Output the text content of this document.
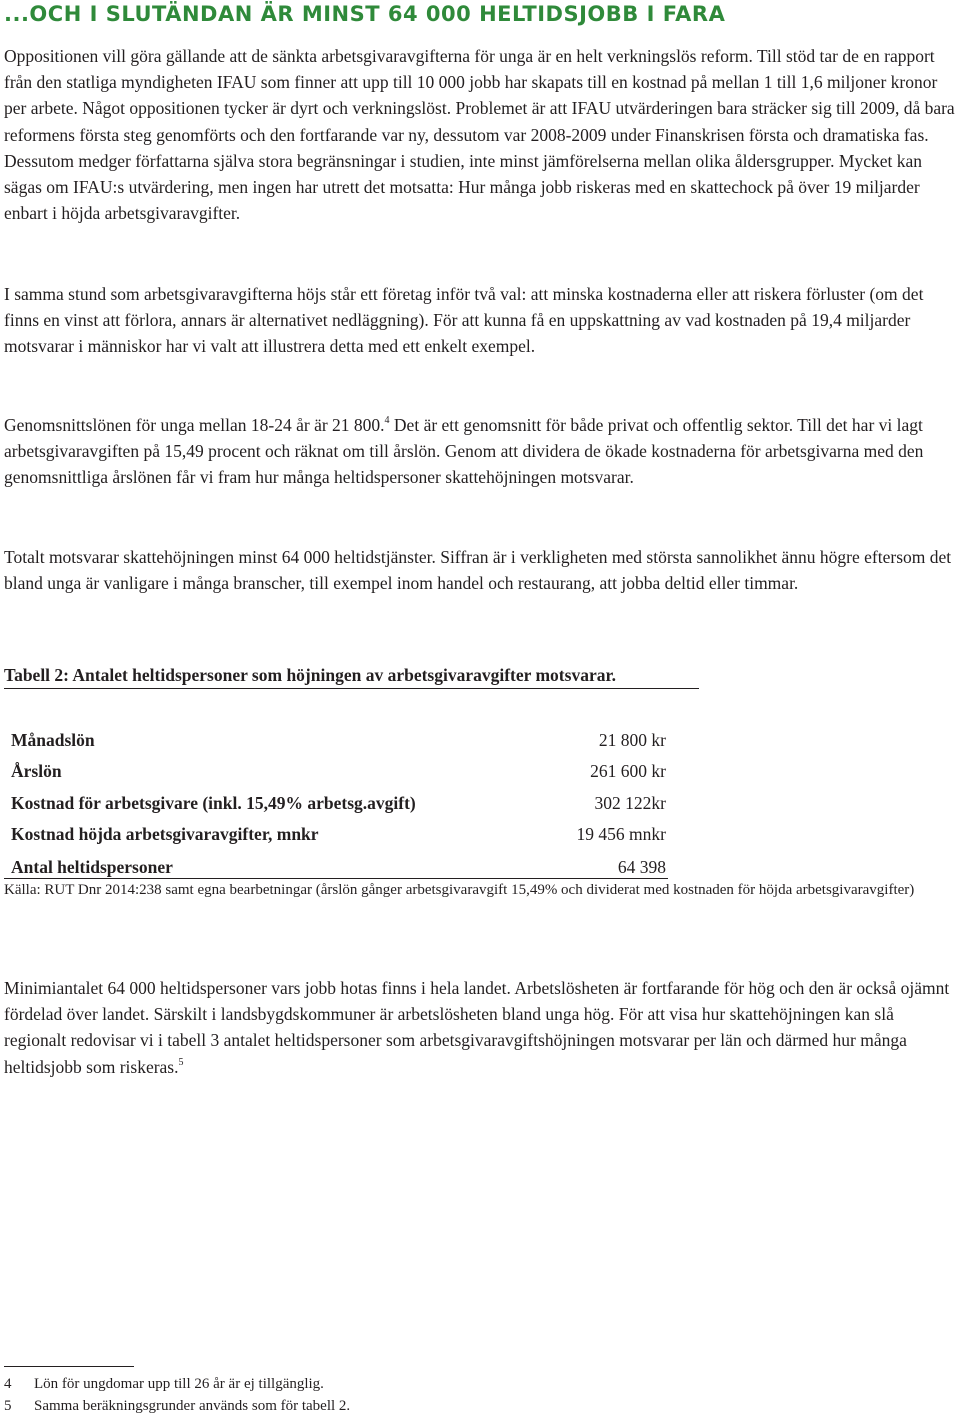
...OCH I SLUTÄNDAN ÄR MINST 64 000 HELTIDSJOBB I FARA

Oppositionen vill göra gällande att de sänkta arbetsgivaravgifterna för unga är en helt verkningslös reform. Till stöd tar de en rapport från den statliga myndigheten IFAU som finner att upp till 10 000 jobb har skapats till en kostnad på mellan 1 till 1,6 miljoner kronor per arbete. Något oppositionen tycker är dyrt och verkningslöst. Problemet är att IFAU utvärderingen bara sträcker sig till 2009, då bara reformens första steg genomförts och den fortfarande var ny, dessutom var 2008-2009 under Finanskrisen första och dramatiska fas. Dessutom medger författarna själva stora begränsningar i studien, inte minst jämförelserna mellan olika åldersgrupper. Mycket kan sägas om IFAU:s utvärdering, men ingen har utrett det motsatta: Hur många jobb riskeras med en skattechock på över 19 miljarder enbart i höjda arbetsgivaravgifter.

I samma stund som arbetsgivaravgifterna höjs står ett företag inför två val: att minska kostnaderna eller att riskera förluster (om det finns en vinst att förlora, annars är alternativet nedläggning). För att kunna få en uppskattning av vad kostnaden på 19,4 miljarder motsvarar i människor har vi valt att illustrera detta med ett enkelt exempel.

Genomsnittslönen för unga mellan 18-24 år är 21 800.$^4$ Det är ett genomsnitt för både privat och offentlig sektor. Till det har vi lagt arbetsgivaravgiften på 15,49 procent och räknat om till årslön. Genom att dividera de ökade kostnaderna för arbetsgivarna med den genomsnittliga årslönen får vi fram hur många heltidspersoner skattehöjningen motsvarar.

Totalt motsvarar skattehöjningen minst 64 000 heltidstjänster. Siffran är i verkligheten med största sannolikhet ännu högre eftersom det bland unga är vanligare i många branscher, till exempel inom handel och restaurang, att jobba deltid eller timmar.

Tabell 2: Antalet heltidspersoner som höjningen av arbetsgivaravgifter motsvarar.
Månadslön	21 800 kr
Årslön	261 600 kr
Kostnad för arbetsgivare (inkl. 15,49% arbetsg.avgift)	302 122kr
Kostnad höjda arbetsgivaravgifter, mnkr	19 456 mnkr
Antal heltidspersoner	64 398
Källa: RUT Dnr 2014:238 samt egna bearbetningar (årslön gånger arbetsgivaravgift 15,49% och dividerat med kostnaden för höjda arbetsgivaravgifter)

Minimiantalet 64 000 heltidspersoner vars jobb hotas finns i hela landet. Arbetslösheten är fortfarande för hög och den är också ojämnt fördelad över landet. Särskilt i landsbygdskommuner är arbetslösheten bland unga hög. För att visa hur skattehöjningen kan slå regionalt redovisar vi i tabell 3 antalet heltidspersoner som arbetsgivaravgiftshöjningen motsvarar per län och därmed hur många heltidsjobb som riskeras.$^5$

4	Lön för ungdomar upp till 26 år är ej tillgänglig.
5	Samma beräkningsgrunder används som för tabell 2.
